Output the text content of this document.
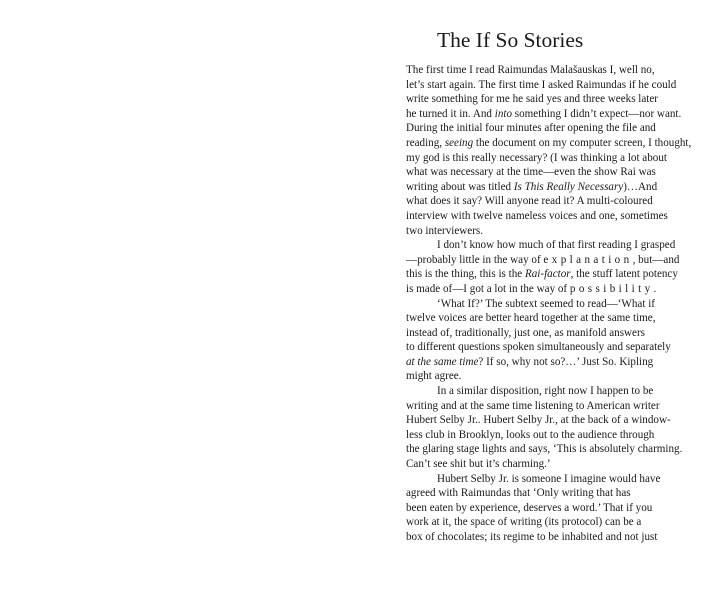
The If So Stories
The first time I read Raimundas Malašauskas I, well no,
let’s start again. The first time I asked Raimundas if he could
write something for me he said yes and three weeks later
he turned it in. And into something I didn’t expect—nor want.
During the initial four minutes after opening the file and
reading, seeing the document on my computer screen, I thought,
my god is this really necessary? (I was thinking a lot about
what was necessary at the time—even the show Rai was
writing about was titled Is This Really Necessary)…And
what does it say? Will anyone read it? A multi-coloured
interview with twelve nameless voices and one, sometimes
two interviewers.
I don’t know how much of that first reading I grasped
—probably little in the way of explanation, but—and
this is the thing, this is the Rai-factor, the stuff latent potency
is made of—I got a lot in the way of possibility.
‘What If?’ The subtext seemed to read—‘What if
twelve voices are better heard together at the same time,
instead of, traditionally, just one, as manifold answers
to different questions spoken simultaneously and separately
at the same time? If so, why not so?…’ Just So. Kipling
might agree.
In a similar disposition, right now I happen to be
writing and at the same time listening to American writer
Hubert Selby Jr.. Hubert Selby Jr., at the back of a window-
less club in Brooklyn, looks out to the audience through
the glaring stage lights and says, ‘This is absolutely charming.
Can’t see shit but it’s charming.’
Hubert Selby Jr. is someone I imagine would have
agreed with Raimundas that ‘Only writing that has
been eaten by experience, deserves a word.’ That if you
work at it, the space of writing (its protocol) can be a
box of chocolates; its regime to be inhabited and not just
